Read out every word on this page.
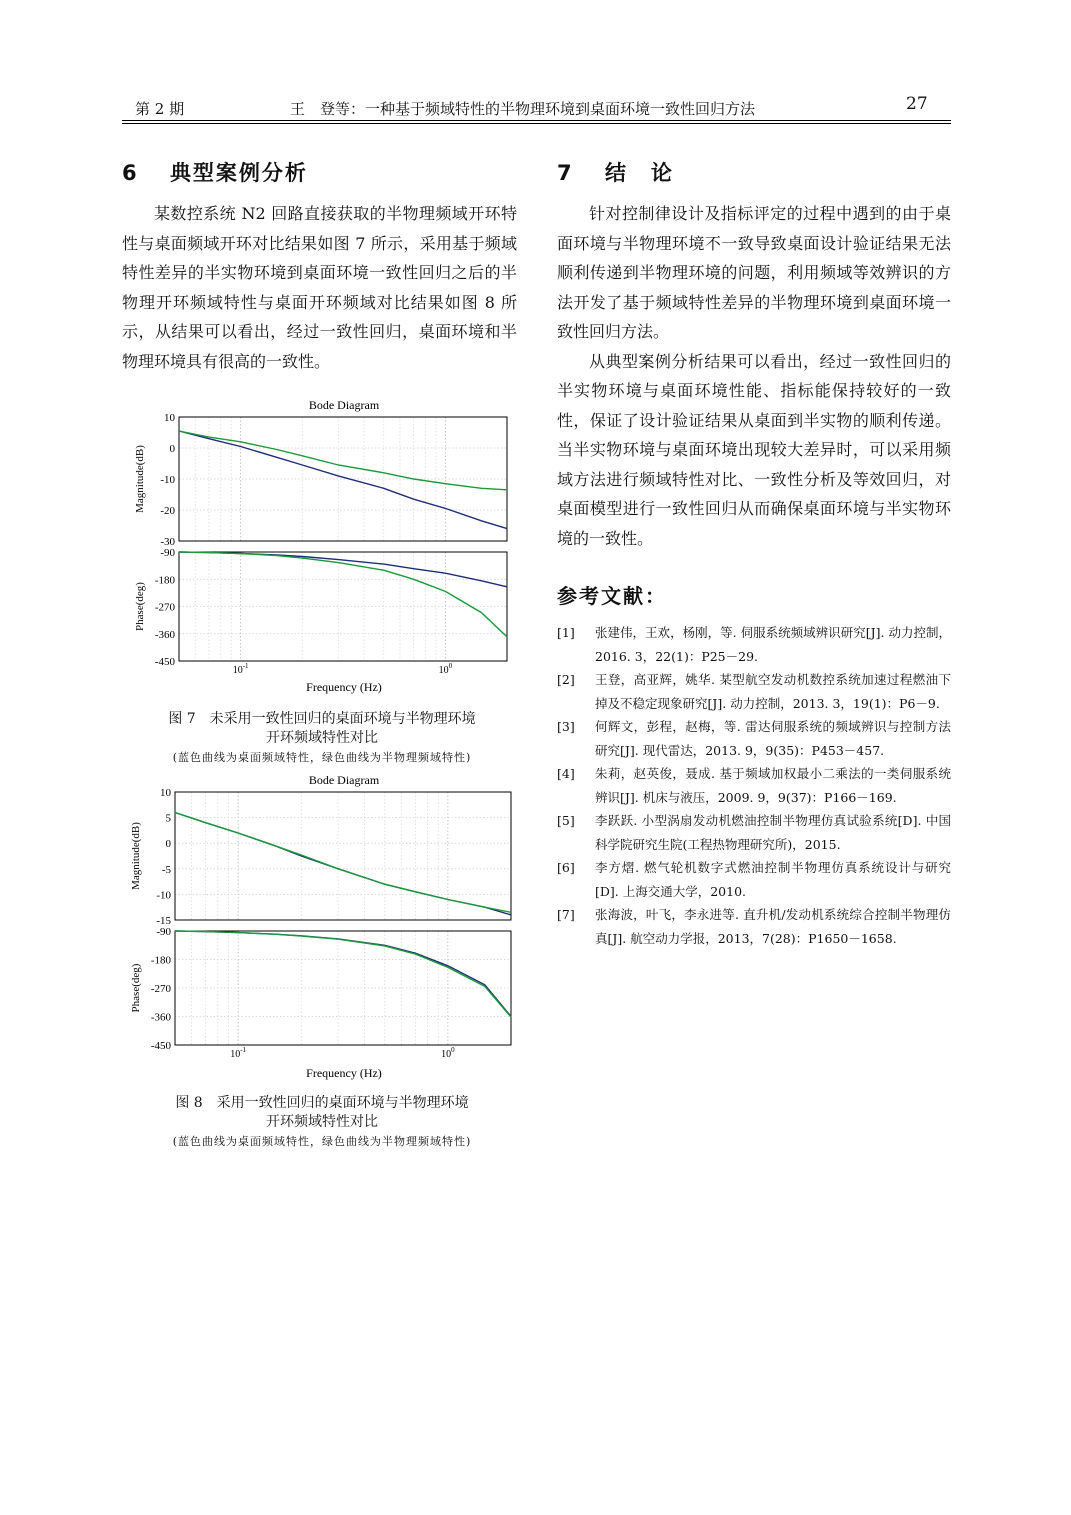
第 2 期	王　登等：一种基于频域特性的半物理环境到桌面环境一致性回归方法	27
6 典型案例分析

某数控系统 N2 回路直接获取的半物理频域开环特性与桌面频域开环对比结果如图 7 所示，采用基于频域特性差异的半实物环境到桌面环境一致性回归之后的半物理开环频域特性与桌面开环频域对比结果如图 8 所示，从结果可以看出，经过一致性回归，桌面环境和半物理环境具有很高的一致性。

Bode Diagram
10
0
-10
-20
-30
Magnitude(dB)
-90
-180
-270
-360
-450
Phase(deg)
$10^{-1}$	$10^0$
Frequency (Hz)
图 7　未采用一致性回归的桌面环境与半物理环境
开环频域特性对比
(蓝色曲线为桌面频域特性，绿色曲线为半物理频域特性)
Bode Diagram
10
5
0
-5
-10
-15
Magnitude(dB)
-90
-180
-270
-360
-450
Phase(deg)
$10^{-1}$	$10^0$
Frequency (Hz)
图 8　采用一致性回归的桌面环境与半物理环境
开环频域特性对比
(蓝色曲线为桌面频域特性，绿色曲线为半物理频域特性)
7 结　论

针对控制律设计及指标评定的过程中遇到的由于桌面环境与半物理环境不一致导致桌面设计验证结果无法顺利传递到半物理环境的问题，利用频域等效辨识的方法开发了基于频域特性差异的半物理环境到桌面环境一致性回归方法。

从典型案例分析结果可以看出，经过一致性回归的半实物环境与桌面环境性能、指标能保持较好的一致性，保证了设计验证结果从桌面到半实物的顺利传递。当半实物环境与桌面环境出现较大差异时，可以采用频域方法进行频域特性对比、一致性分析及等效回归，对桌面模型进行一致性回归从而确保桌面环境与半实物环境的一致性。

参考文献：
[1]	张建伟，王欢，杨刚，等. 伺服系统频域辨识研究[J]. 动力控制，2016. 3，22(1)：P25－29.
[2]	王登，高亚辉，姚华. 某型航空发动机数控系统加速过程燃油下掉及不稳定现象研究[J]. 动力控制，2013. 3，19(1)：P6－9.
[3]	何辉文，彭程，赵梅，等. 雷达伺服系统的频域辨识与控制方法研究[J]. 现代雷达，2013. 9，9(35)：P453－457.
[4]	朱莉，赵英俊，聂成. 基于频域加权最小二乘法的一类伺服系统辨识[J]. 机床与液压，2009. 9，9(37)：P166－169.
[5]	李跃跃. 小型涡扇发动机燃油控制半物理仿真试验系统[D]. 中国科学院研究生院(工程热物理研究所)，2015.
[6]	李方熠. 燃气轮机数字式燃油控制半物理仿真系统设计与研究[D]. 上海交通大学，2010.
[7]	张海波，叶飞，李永进等. 直升机/发动机系统综合控制半物理仿真[J]. 航空动力学报，2013，7(28)：P1650－1658.
